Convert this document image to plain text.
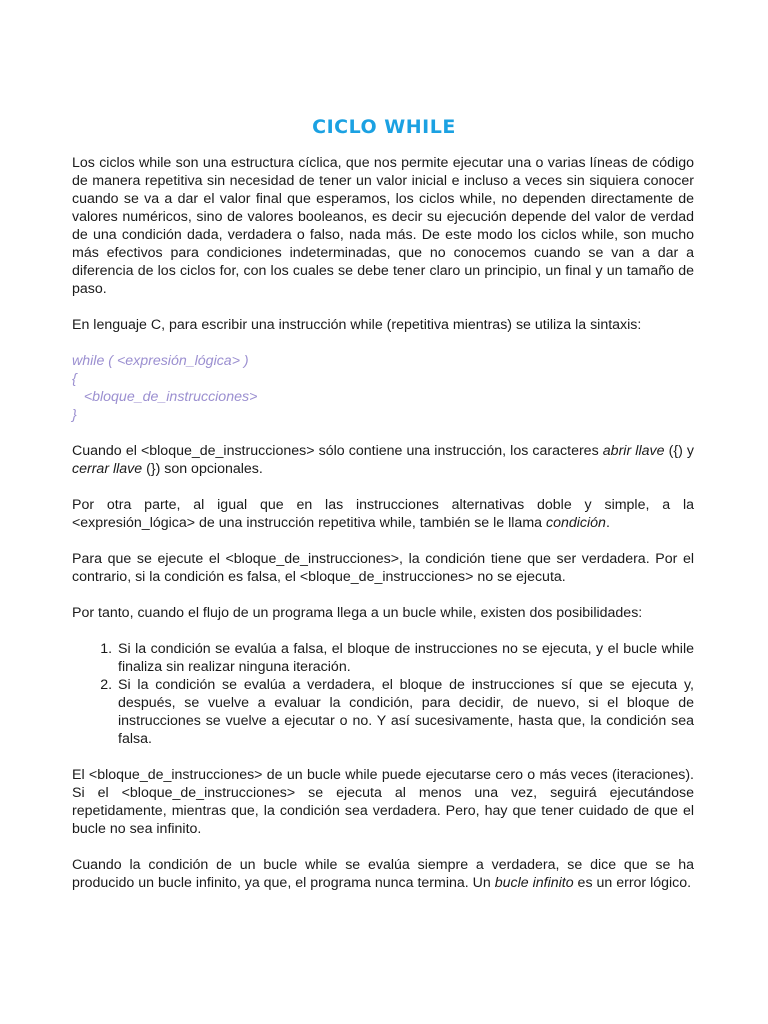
CICLO WHILE

Los ciclos while son una estructura cíclica, que nos permite ejecutar una o varias líneas de código de manera repetitiva sin necesidad de tener un valor inicial e incluso a veces sin siquiera conocer cuando se va a dar el valor final que esperamos, los ciclos while, no dependen directamente de valores numéricos, sino de valores booleanos, es decir su ejecución depende del valor de verdad de una condición dada, verdadera o falso, nada más. De este modo los ciclos while, son mucho más efectivos para condiciones indeterminadas, que no conocemos cuando se van a dar a diferencia de los ciclos for, con los cuales se debe tener claro un principio, un final y un tamaño de paso.

En lenguaje C, para escribir una instrucción while (repetitiva mientras) se utiliza la sintaxis:

while ( <expresión_lógica> )
{
<bloque_de_instrucciones>
}

Cuando el <bloque_de_instrucciones> sólo contiene una instrucción, los caracteres abrir llave ({) y cerrar llave (}) son opcionales.

Por otra parte, al igual que en las instrucciones alternativas doble y simple, a la <expresión_lógica> de una instrucción repetitiva while, también se le llama condición.

Para que se ejecute el <bloque_de_instrucciones>, la condición tiene que ser verdadera. Por el contrario, si la condición es falsa, el <bloque_de_instrucciones> no se ejecuta.

Por tanto, cuando el flujo de un programa llega a un bucle while, existen dos posibilidades:

1. Si la condición se evalúa a falsa, el bloque de instrucciones no se ejecuta, y el bucle while finaliza sin realizar ninguna iteración.
2. Si la condición se evalúa a verdadera, el bloque de instrucciones sí que se ejecuta y, después, se vuelve a evaluar la condición, para decidir, de nuevo, si el bloque de instrucciones se vuelve a ejecutar o no. Y así sucesivamente, hasta que, la condición sea falsa.

El <bloque_de_instrucciones> de un bucle while puede ejecutarse cero o más veces (iteraciones). Si el <bloque_de_instrucciones> se ejecuta al menos una vez, seguirá ejecutándose repetidamente, mientras que, la condición sea verdadera. Pero, hay que tener cuidado de que el bucle no sea infinito.

Cuando la condición de un bucle while se evalúa siempre a verdadera, se dice que se ha producido un bucle infinito, ya que, el programa nunca termina. Un bucle infinito es un error lógico.
